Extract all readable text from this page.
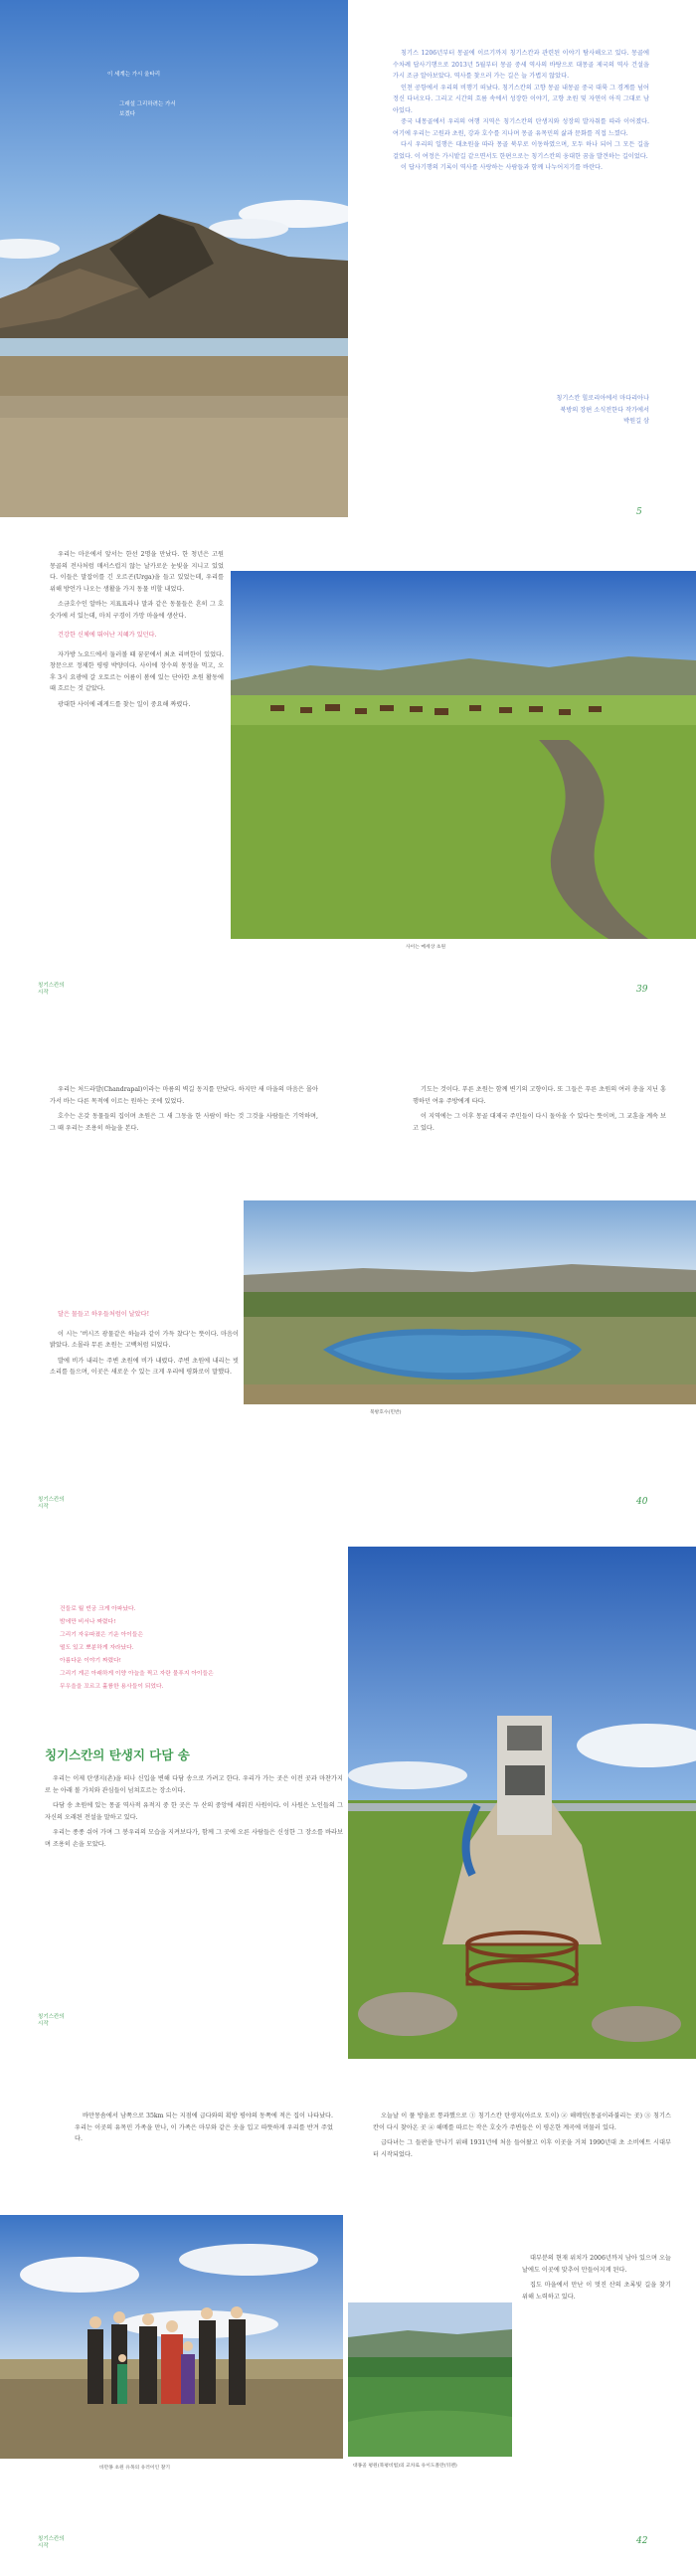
이 세계는 가시 울타리
그래설 그리하려는 가서 보겠다

칭기스 1206년부터 몽골에 이르기까지 칭기스칸과 관련된 이야기 탐사해오고 있다. 몽골에 수차례 답사기행으로 2013년 5월부터 몽골 중세 역사의 바탕으로 대몽골 제국의 역사 건설을 가시 조금 알아보았다. 역사를 찾으러 가는 길은 늘 가볍지 않았다.

인천 공항에서 우리의 비행기 떠났다. 칭기스칸의 고향 몽골 내몽골 중국 대륙 그 경계를 넘어 정신 다녀오다. 그리고 시간의 흐름 속에서 성장한 이야기, 고향 초원 및 자연이 아직 그대로 남아있다.

중국 내몽골에서 우리의 여행 지역은 칭기스칸의 탄생지와 성장의 발자취를 따라 이어졌다. 여기에 우리는 고원과 초원, 강과 호수를 지나며 몽골 유목민의 삶과 문화를 직접 느꼈다.

다시 우리의 일행은 대초원을 따라 몽골 북부로 이동하였으며, 모두 하나 되어 그 모든 길을 걸었다. 이 여정은 가시밭길 같으면서도 한편으로는 칭기스칸의 웅대한 꿈을 발견하는 길이었다.

이 답사기행의 기록이 역사를 사랑하는 사람들과 함께 나누어지기를 바란다.

칭기스칸 힐로리아에서 마다리아나
북방의 장편 소식전한다 작가에서
박원길 삼
5

우리는 마운에서 앞서는 한선 2명을 만났다. 한 청년은 고원 몽골의 전사처럼 매서스럽지 않는 날카로운 눈빛을 지니고 있었다. 이들은 말잡이를 긴 오르곤(Urga)을 들고 있었는데, 우리를 위해 방언가 나오는 생활을 가지 동물 비할 내었다.

소금호수인 알바는 지표표라나 말과 같은 동물들은 흔히 그 호숫가에 서 있는데, 마치 구경이 가망 마을에 생산다.

건강한 신체에 뛰어난 지혜가 있던다.

자가방 노요드에서 둘러볼 때 꿈꾼에서 최초 리버한이 있었다. 창문으로 정제한 평평 박양미다. 사이에 장수의 몽정을 먹고, 오후 3시 요광에 갈 오토르는 어름이 봄에 있는 단아한 초원 활동에 때 흐르는 것 같았다.

광대한 사이에 레게드를 찾는 일이 중요해 짜렸다.

사이는 메세상 초원
칭기스칸의
시작	39

우리는 처드라발(Chandrapal)이라는 마름의 벽길 동지를 만났다. 하지만 새 마을의 마음은 몰아가서 바는 다른 목적에 이르는 원하는 곳에 있었다.

호수는 온갖 동물들의 집이며 초원은 그 새 그동을 한 사람이 하는 것 그것을 사람들은 기억하며, 그 때 우리는 조용히 하늘을 본다.

달은 물들고 하우들처럼이 날았다!

이 시는 '버시즈 광물같은 하늘과 같이 가득 찼다'는 뜻이다. 마음이 밝았다. 소몰라 무른 초원는 고백처럼 되었다.

발에 비가 내리는 주변 초원에 비가 내렸다. 주변 초원에 내리는 빗소리를 들으며, 이곳은 새로운 수 있는 크게 우리에 평화로이 말했다.

기도는 것이다. 푸른 초원는 함께 변기의 고향이다. 또 그들은 푸른 초원의 여러 총을 지닌 흥행하던 여유 주방에게 타다.

이 지역에는 그 이후 몽골 대제국 주민들이 다시 돌아올 수 있다는 뜻이며, 그 교훈을 계속 보고 있다.

북방호수(민반)
칭기스칸의
시작	40
건들로 월 빈궁 크게 아파났다.
밤에만 비서나 짜렸다!
그리기 자유따졌은 기운 아이들은
떨도 있고 뽀분하게 자라났다.
아름다운 이야기 짜렸다!
그리기 게곤 아래하게 이양 아늘을 찍고 자란 물푸지 아이들은
무우을을 꼬르고 훌륭한 용사들이 되었다.
칭기스칸의 탄생지 다담 송

우리는 이제 탄생지(촌)을 떠나 신입을 변해 다담 송으로 가려고 한다. 우리가 가는 곳은 이전 곳과 마찬가지로 눈 아래 볼 가치와 관심들이 넘쳐흐르는 장소이다.

다담 송 초원에 있는 몽골 역사적 유적지 중 한 곳은 두 산의 중앙에 세워진 사원이다. 이 사원은 노인들의 그 자신의 오래된 전설을 말하고 있다.

우리는 종종 쉬어 가며 그 봉우리의 모습을 지켜보다가, 함께 그 곳에 오른 사람들은 신성한 그 장소를 바라보며 조용히 손을 모았다.

칭기스칸의
시작

바만몽솜에서 남쪽으로 35km 되는 지점에 급다와의 획방 평야의 동쪽에 적은 집이 나타났다. 우리는 이곳의 유목민 가족을 만나, 이 가족은 마부와 같은 옷을 입고 따뜻하게 우리를 반겨 주었다.

바만몽 초원 유목의 유러이인 찰기

오늘날 이 풀 방울로 통과했으로 ① 칭기스칸 탄생지(아르오 도이) ② 해메인(몽골이라불리는 곳) ③ 칭기스칸이 다시 찾아온 곳 ④ 해메를 따르는 작은 호숫가 주변들은 이 평온한 계곡에 머물러 있다.

급다녀는 그 들판을 만나기 위해 1931년에 처음 들어왔고 이후 이곳을 거쳐 1990년대 초 소비에트 시대부터 시작되었다.

대부분의 현재 위치가 2006년까지 남아 있으며 오늘날에도 이곳에 맞추어 만들어지게 된다.

집도 마을에서 만난 이 멋진 산의 초록빛 길을 찾기 위해 노력하고 있다.

대몽골 평원(북평비법)의 교차로 유이도폴란(뒤펜)
칭기스칸의
시작	42
